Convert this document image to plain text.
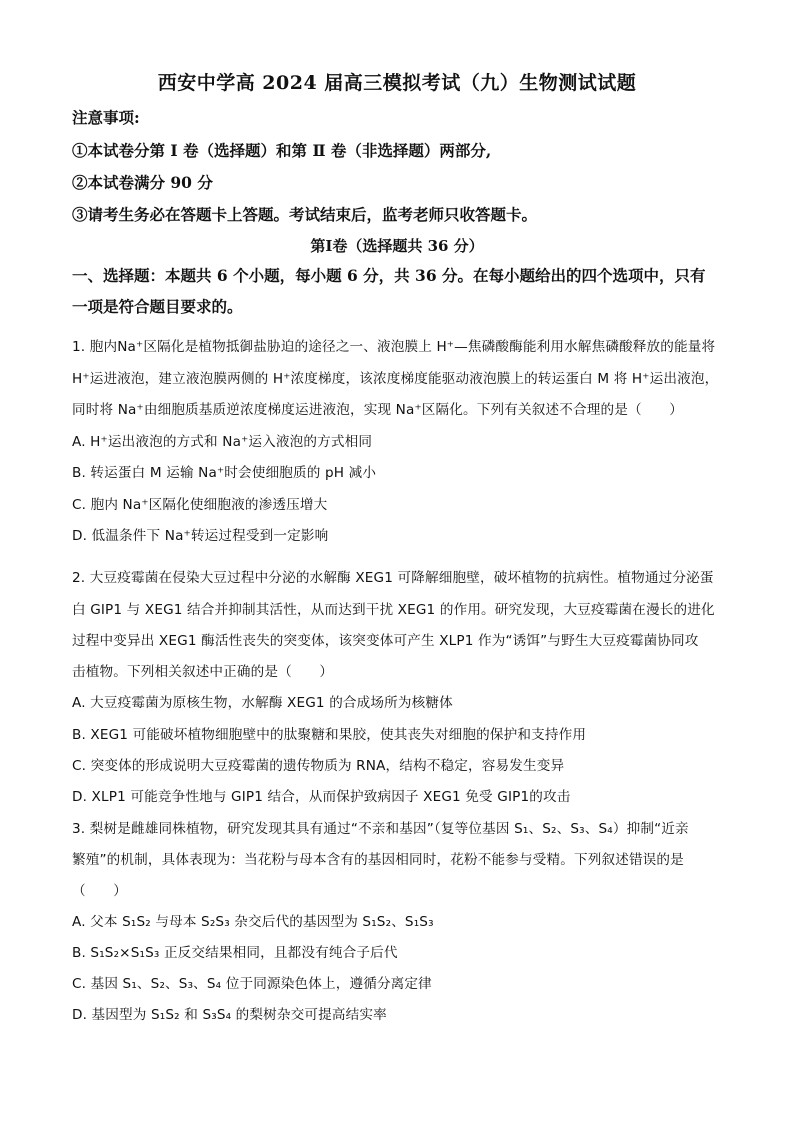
西安中学高 2024 届高三模拟考试（九）生物测试试题
注意事项:
①本试卷分第 Ⅰ 卷（选择题）和第 Ⅱ 卷（非选择题）两部分,
②本试卷满分 90 分
③请考生务必在答题卡上答题。考试结束后，监考老师只收答题卡。
第Ⅰ卷（选择题共 36 分）
一、选择题：本题共 6 个小题，每小题 6 分，共 36 分。在每小题给出的四个选项中，只有
一项是符合题目要求的。
1. 胞内Na⁺区隔化是植物抵御盐胁迫的途径之一、液泡膜上 H⁺—焦磷酸酶能利用水解焦磷酸释放的能量将
H⁺运进液泡，建立液泡膜两侧的 H⁺浓度梯度，该浓度梯度能驱动液泡膜上的转运蛋白 M 将 H⁺运出液泡，
同时将 Na⁺由细胞质基质逆浓度梯度运进液泡，实现 Na⁺区隔化。下列有关叙述不合理的是（　　）
A. H⁺运出液泡的方式和 Na⁺运入液泡的方式相同
B. 转运蛋白 M 运输 Na⁺时会使细胞质的 pH 减小
C. 胞内 Na⁺区隔化使细胞液的渗透压增大
D. 低温条件下 Na⁺转运过程受到一定影响
2. 大豆疫霉菌在侵染大豆过程中分泌的水解酶 XEG1 可降解细胞壁，破坏植物的抗病性。植物通过分泌蛋
白 GIP1 与 XEG1 结合并抑制其活性，从而达到干扰 XEG1 的作用。研究发现，大豆疫霉菌在漫长的进化
过程中变异出 XEG1 酶活性丧失的突变体，该突变体可产生 XLP1 作为“诱饵”与野生大豆疫霉菌协同攻
击植物。下列相关叙述中正确的是（　　）
A. 大豆疫霉菌为原核生物，水解酶 XEG1 的合成场所为核糖体
B. XEG1 可能破坏植物细胞壁中的肽聚糖和果胶，使其丧失对细胞的保护和支持作用
C. 突变体的形成说明大豆疫霉菌的遗传物质为 RNA，结构不稳定，容易发生变异
D. XLP1 可能竞争性地与 GIP1 结合，从而保护致病因子 XEG1 免受 GIP1的攻击
3. 梨树是雌雄同株植物，研究发现其具有通过“不亲和基因”（复等位基因 S₁、S₂、S₃、S₄）抑制“近亲
繁殖”的机制，具体表现为：当花粉与母本含有的基因相同时，花粉不能参与受精。下列叙述错误的是
（　　）
A. 父本 S₁S₂ 与母本 S₂S₃ 杂交后代的基因型为 S₁S₂、S₁S₃
B. S₁S₂×S₁S₃ 正反交结果相同，且都没有纯合子后代
C. 基因 S₁、S₂、S₃、S₄ 位于同源染色体上，遵循分离定律
D. 基因型为 S₁S₂ 和 S₃S₄ 的梨树杂交可提高结实率
